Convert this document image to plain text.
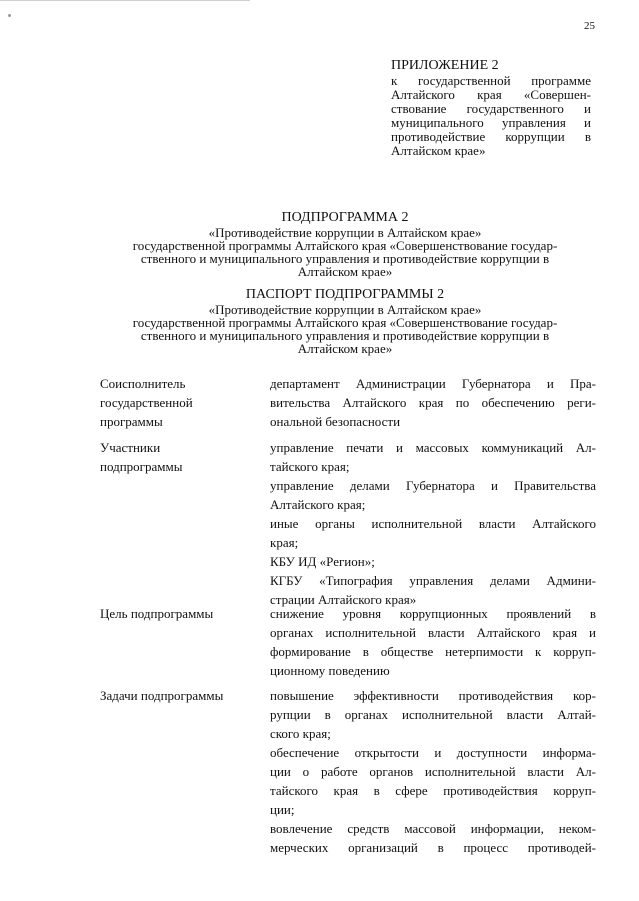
25
ПРИЛОЖЕНИЕ 2
к государственной программе
Алтайского края «Совершен-
ствование государственного и
муниципального управления и
противодействие коррупции в
Алтайском крае»
ПОДПРОГРАММА 2
«Противодействие коррупции в Алтайском крае»
государственной программы Алтайского края «Совершенствование государ-
ственного и муниципального управления и противодействие коррупции в
Алтайском крае»
ПАСПОРТ ПОДПРОГРАММЫ 2
«Противодействие коррупции в Алтайском крае»
государственной программы Алтайского края «Совершенствование государ-
ственного и муниципального управления и противодействие коррупции в
Алтайском крае»
Соисполнитель
государственной
программы
департамент Администрации Губернатора и Пра-
вительства Алтайского края по обеспечению реги-
ональной безопасности
Участники
подпрограммы
управление печати и массовых коммуникаций Ал-
тайского края;
управление делами Губернатора и Правительства
Алтайского края;
иные органы исполнительной власти Алтайского
края;
КБУ ИД «Регион»;
КГБУ «Типография управления делами Админи-
страции Алтайского края»
Цель подпрограммы	снижение уровня коррупционных проявлений в
органах исполнительной власти Алтайского края и
формирование в обществе нетерпимости к корруп-
ционному поведению
Задачи подпрограммы	повышение эффективности противодействия кор-
рупции в органах исполнительной власти Алтай-
ского края;
обеспечение открытости и доступности информа-
ции о работе органов исполнительной власти Ал-
тайского края в сфере противодействия корруп-
ции;
вовлечение средств массовой информации, неком-
мерческих организаций в процесс противодей-
